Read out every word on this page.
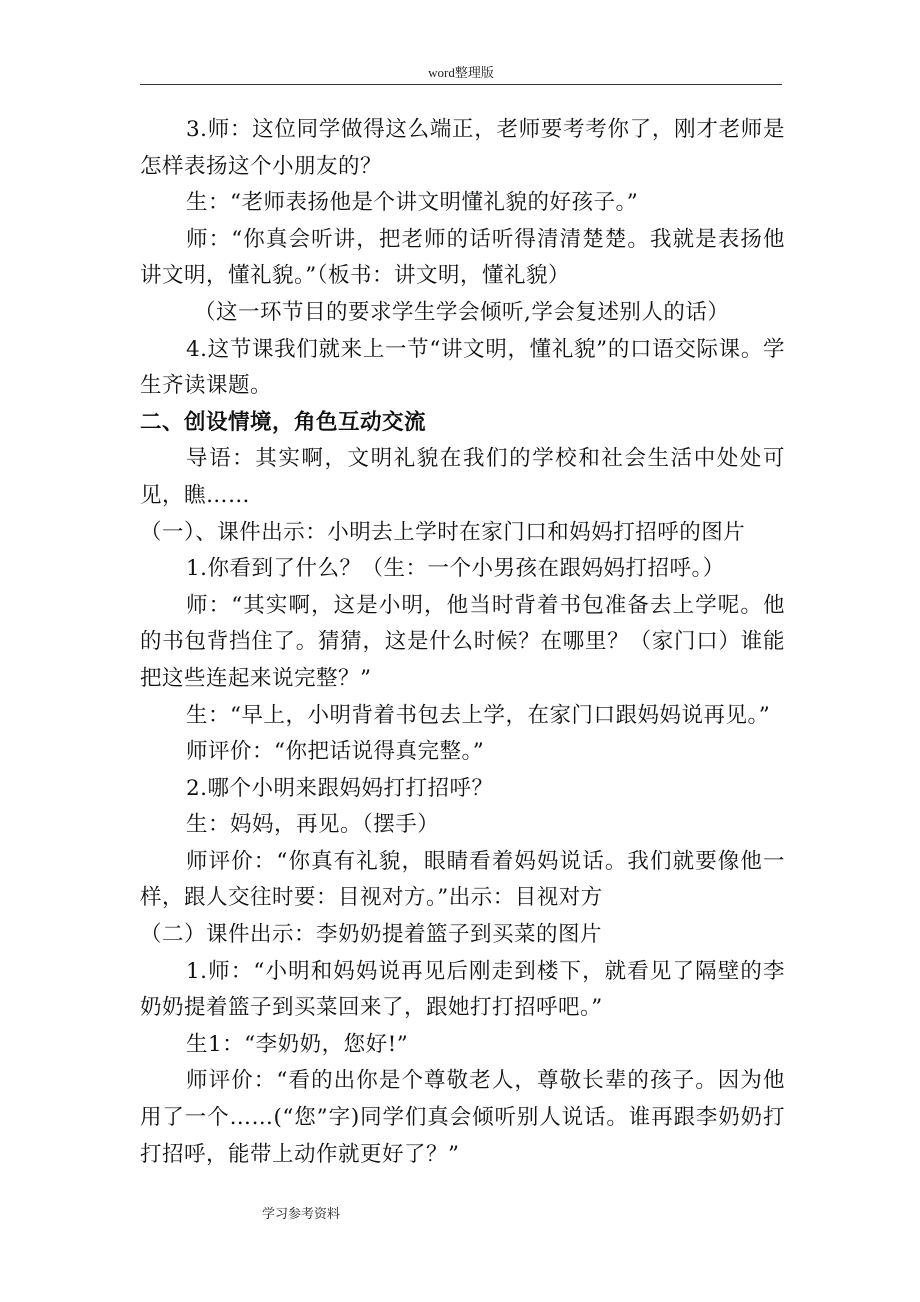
word整理版

3.师：这位同学做得这么端正，老师要考考你了，刚才老师是怎样表扬这个小朋友的？

生：“老师表扬他是个讲文明懂礼貌的好孩子。”

师：“你真会听讲，把老师的话听得清清楚楚。我就是表扬他讲文明，懂礼貌。”（板书：讲文明，懂礼貌）

（这一环节目的要求学生学会倾听,学会复述别人的话）

4.这节课我们就来上一节“讲文明，懂礼貌”的口语交际课。学生齐读课题。

二、创设情境，角色互动交流

导语：其实啊，文明礼貌在我们的学校和社会生活中处处可见，瞧……

（一）、课件出示：小明去上学时在家门口和妈妈打招呼的图片

1.你看到了什么？（生：一个小男孩在跟妈妈打招呼。）

师：“其实啊，这是小明，他当时背着书包准备去上学呢。他的书包背挡住了。猜猜，这是什么时候？在哪里？（家门口）谁能把这些连起来说完整？”

生：“早上，小明背着书包去上学，在家门口跟妈妈说再见。”

师评价：“你把话说得真完整。”

2.哪个小明来跟妈妈打打招呼？

生：妈妈，再见。（摆手）

师评价：“你真有礼貌，眼睛看着妈妈说话。我们就要像他一样，跟人交往时要：目视对方。”出示：目视对方

（二）课件出示：李奶奶提着篮子到买菜的图片

1.师：“小明和妈妈说再见后刚走到楼下，就看见了隔壁的李奶奶提着篮子到买菜回来了，跟她打打招呼吧。”

生1：“李奶奶，您好!”

师评价：“看的出你是个尊敬老人，尊敬长辈的孩子。因为他用了一个……(“您”字)同学们真会倾听别人说话。谁再跟李奶奶打打招呼，能带上动作就更好了？”

学习参考资料
